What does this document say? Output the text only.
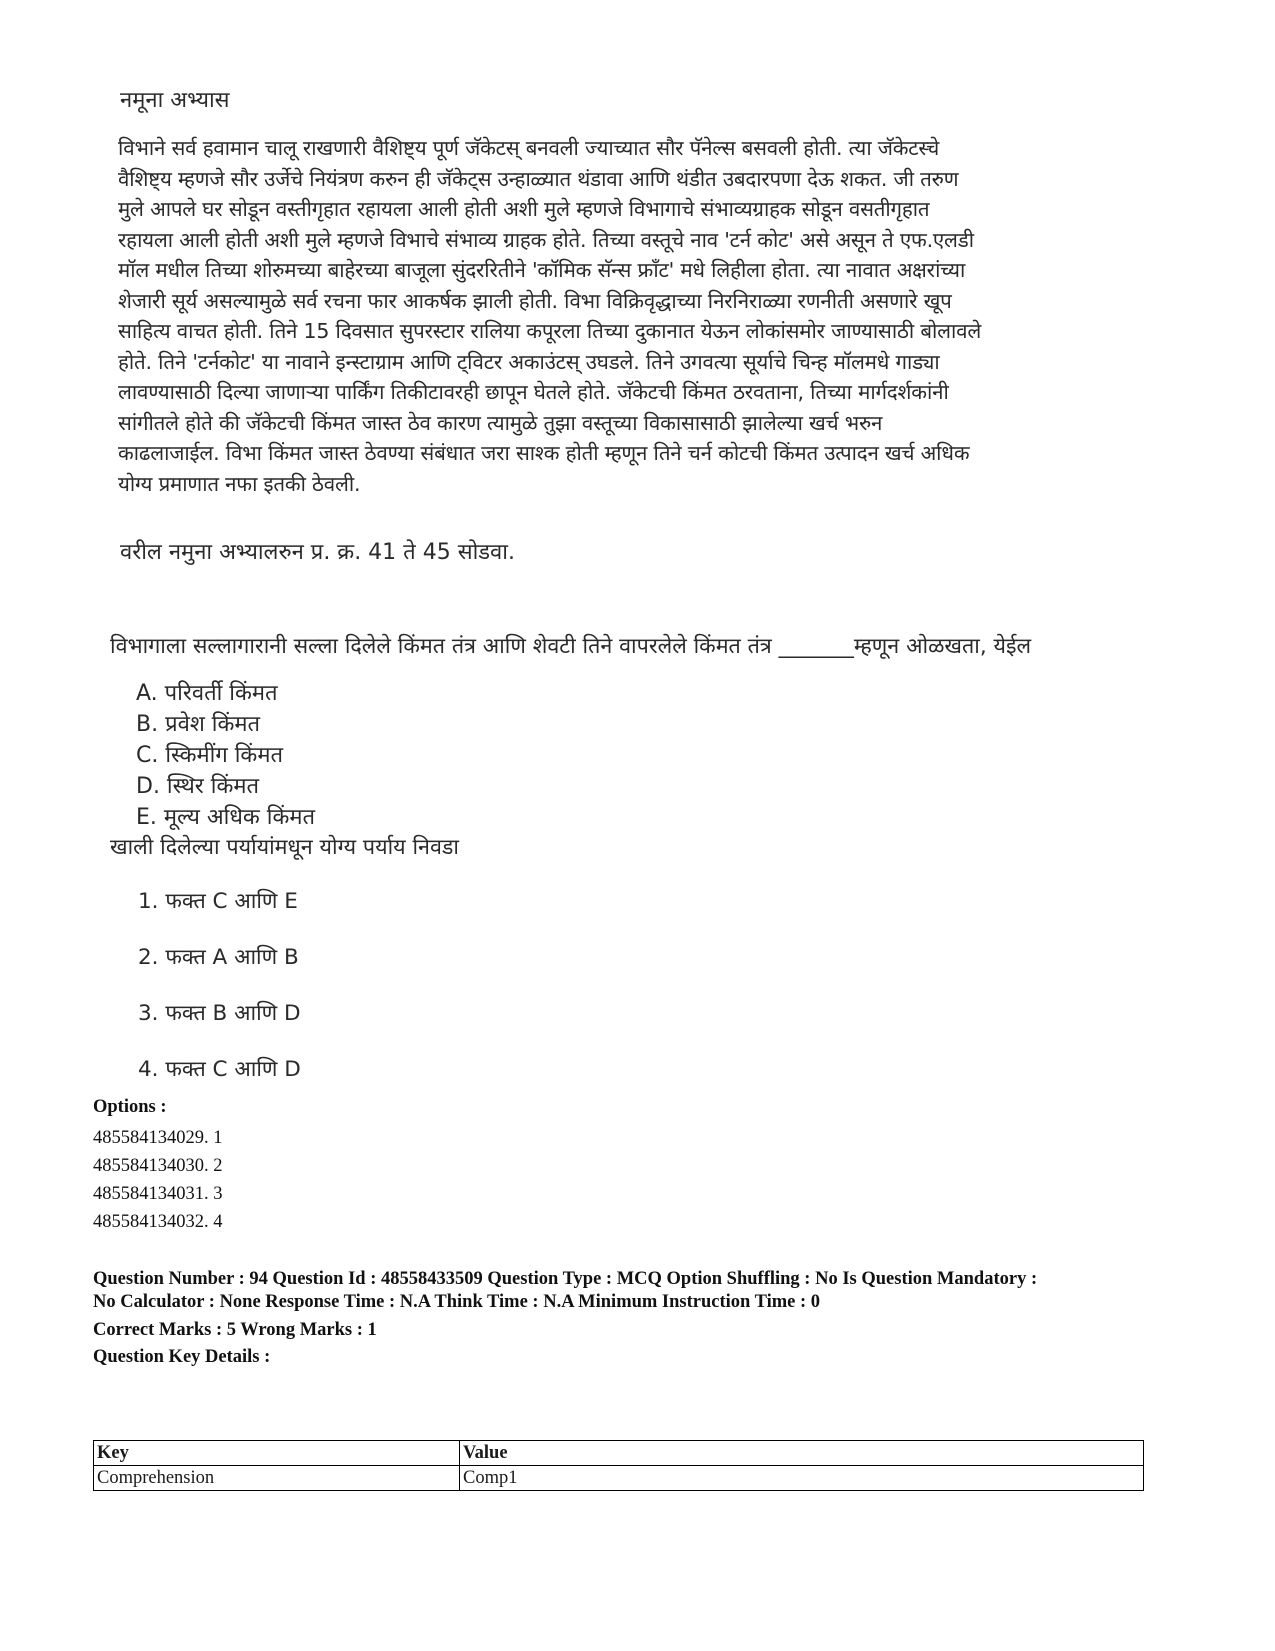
नमूना अभ्यास
विभाने सर्व हवामान चालू राखणारी वैशिष्ट्य पूर्ण जॅकेटस् बनवली ज्याच्यात सौर पॅनेल्स बसवली होती. त्या जॅकेटस्चे
वैशिष्ट्य म्हणजे सौर उर्जेचे नियंत्रण करुन ही जॅकेट्स उन्हाळ्यात थंडावा आणि थंडीत उबदारपणा देऊ शकत. जी तरुण
मुले आपले घर सोडून वस्तीगृहात रहायला आली होती अशी मुले म्हणजे विभागाचे संभाव्यग्राहक सोडून वसतीगृहात
रहायला आली होती अशी मुले म्हणजे विभाचे संभाव्य ग्राहक होते. तिच्या वस्तूचे नाव 'टर्न कोट' असे असून ते एफ.एलडी
मॉल मधील तिच्या शोरुमच्या बाहेरच्या बाजूला सुंदररितीने 'कॉमिक सॅन्स फ्रॉंट' मधे लिहीला होता. त्या नावात अक्षरांच्या
शेजारी सूर्य असल्यामुळे सर्व रचना फार आकर्षक झाली होती. विभा विक्रिवृद्धाच्या निरनिराळ्या रणनीती असणारे खूप
साहित्य वाचत होती. तिने 15 दिवसात सुपरस्टार रालिया कपूरला तिच्या दुकानात येऊन लोकांसमोर जाण्यासाठी बोलावले
होते. तिने 'टर्नकोट' या नावाने इन्स्टाग्राम आणि ट्विटर अकाउंटस् उघडले. तिने उगवत्या सूर्याचे चिन्ह मॉलमधे गाड्या
लावण्यासाठी दिल्या जाणाऱ्या पार्किंग तिकीटावरही छापून घेतले होते. जॅकेटची किंमत ठरवताना, तिच्या मार्गदर्शकांनी
सांगीतले होते की जॅकेटची किंमत जास्त ठेव कारण त्यामुळे तुझा वस्तूच्या विकासासाठी झालेल्या खर्च भरुन
काढलाजाईल. विभा किंमत जास्त ठेवण्या संबंधात जरा साश्क होती म्हणून तिने चर्न कोटची किंमत उत्पादन खर्च अधिक
योग्य प्रमाणात नफा इतकी ठेवली.
वरील नमुना अभ्यालरुन प्र. क्र. 41 ते 45 सोडवा.
विभागाला सल्लागारानी सल्ला दिलेले किंमत तंत्र आणि शेवटी तिने वापरलेले किंमत तंत्र _______म्हणून ओळखता, येईल
A. परिवर्ती किंमत
B. प्रवेश किंमत
C. स्किमींग किंमत
D. स्थिर किंमत
E. मूल्य अधिक किंमत
खाली दिलेल्या पर्यायांमधून योग्य पर्याय निवडा
1. फक्त C आणि E
2. फक्त A आणि B
3. फक्त B आणि D
4. फक्त C आणि D
Options :
485584134029. 1
485584134030. 2
485584134031. 3
485584134032. 4
Question Number : 94 Question Id : 48558433509 Question Type : MCQ Option Shuffling : No Is Question Mandatory :
No Calculator : None Response Time : N.A Think Time : N.A Minimum Instruction Time : 0
Correct Marks : 5 Wrong Marks : 1
Question Key Details :
Key	Value
Comprehension	Comp1
